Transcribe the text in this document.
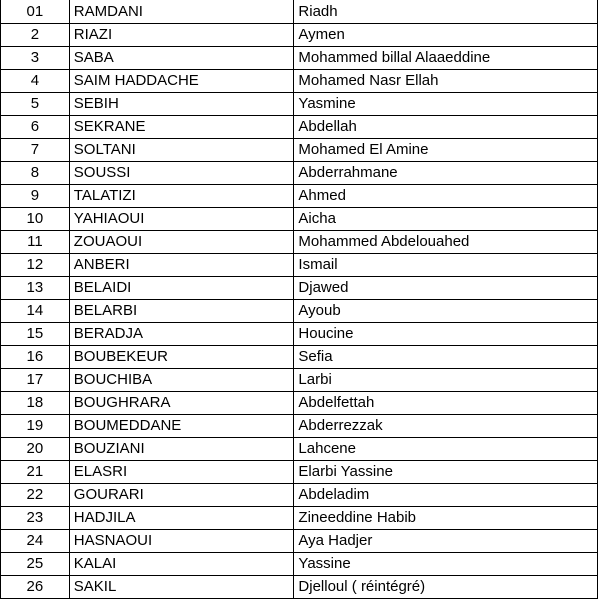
01	RAMDANI	Riadh
2	RIAZI	Aymen
3	SABA	Mohammed billal Alaaeddine
4	SAIM HADDACHE	Mohamed Nasr Ellah
5	SEBIH	Yasmine
6	SEKRANE	Abdellah
7	SOLTANI	Mohamed El Amine
8	SOUSSI	Abderrahmane
9	TALATIZI	Ahmed
10	YAHIAOUI	Aicha
11	ZOUAOUI	Mohammed Abdelouahed
12	ANBERI	Ismail
13	BELAIDI	Djawed
14	BELARBI	Ayoub
15	BERADJA	Houcine
16	BOUBEKEUR	Sefia
17	BOUCHIBA	Larbi
18	BOUGHRARA	Abdelfettah
19	BOUMEDDANE	Abderrezzak
20	BOUZIANI	Lahcene
21	ELASRI	Elarbi Yassine
22	GOURARI	Abdeladim
23	HADJILA	Zineeddine Habib
24	HASNAOUI	Aya Hadjer
25	KALAI	Yassine
26	SAKIL	Djelloul ( réintégré)
